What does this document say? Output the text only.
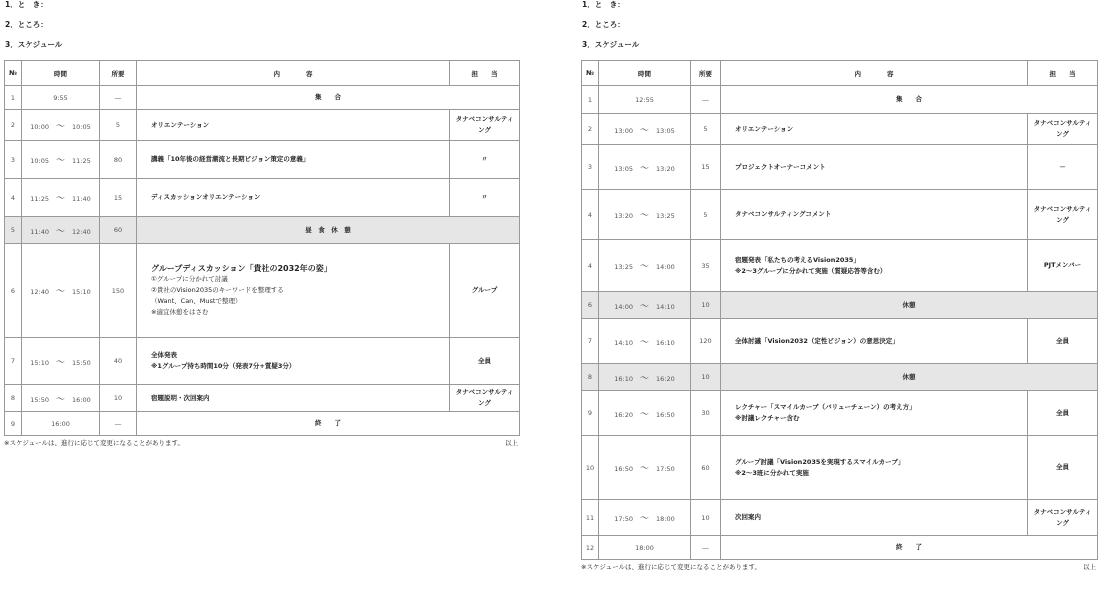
1．と　き：
2．ところ：
3．スケジュール
№	時間	所要	内　　　　容	担　　当
1	9:55	―	集　　合	

2	10:00 ～ 10:05	5	オリエンテーション	タナベコンサルティング
3	10:05 ～ 11:25	80	講義「10年後の経営潮流と長期ビジョン策定の意義」	〃
4	11:25 ～ 11:40	15	ディスカッションオリエンテーション	〃
5	11:40 ～ 12:40	60	昼　食　休　憩	

6	12:40 ～ 15:10	150	グループディスカッション「貴社の2032年の姿」
①グループに分かれて討議
②貴社のVision2035のキーワードを整理する
（Want、Can、Mustで整理）
※適宜休憩をはさむ	グループ
7	15:10 ～ 15:50	40	全体発表
※1グループ持ち時間10分（発表7分+質疑3分）	全員
8	15:50 ～ 16:00	10	宿題説明・次回案内	タナベコンサルティング
9	16:00	―	終　　了	
※スケジュールは、進行に応じて変更になることがあります。	以上
1．と　き：
2．ところ：
3．スケジュール
№	時間	所要	内　　　　容	担　　当
1	12:55	―	集　　合	

2	13:00 ～ 13:05	5	オリエンテーション	タナベコンサルティング
3	13:05 ～ 13:20	15	プロジェクトオーナーコメント	－
4	13:20 ～ 13:25	5	タナベコンサルティングコメント	タナベコンサルティング
4	13:25 ～ 14:00	35	宿題発表「私たちの考えるVision2035」
※2～3グループに分かれて実施（質疑応答等含む）	PJTメンバー
6	14:00 ～ 14:10	10	休憩	

7	14:10 ～ 16:10	120	全体討議「Vision2032（定性ビジョン）の意思決定」	全員
8	16:10 ～ 16:20	10	休憩	

9	16:20 ～ 16:50	30	レクチャー「スマイルカーブ（バリューチェーン）の考え方」
※討議レクチャー含む	全員
10	16:50 ～ 17:50	60	グループ討議「Vision2035を実現するスマイルカーブ」
※2～3班に分かれて実施	全員
11	17:50 ～ 18:00	10	次回案内	タナベコンサルティング
12	18:00	―	終　　了	
※スケジュールは、進行に応じて変更になることがあります。	以上
